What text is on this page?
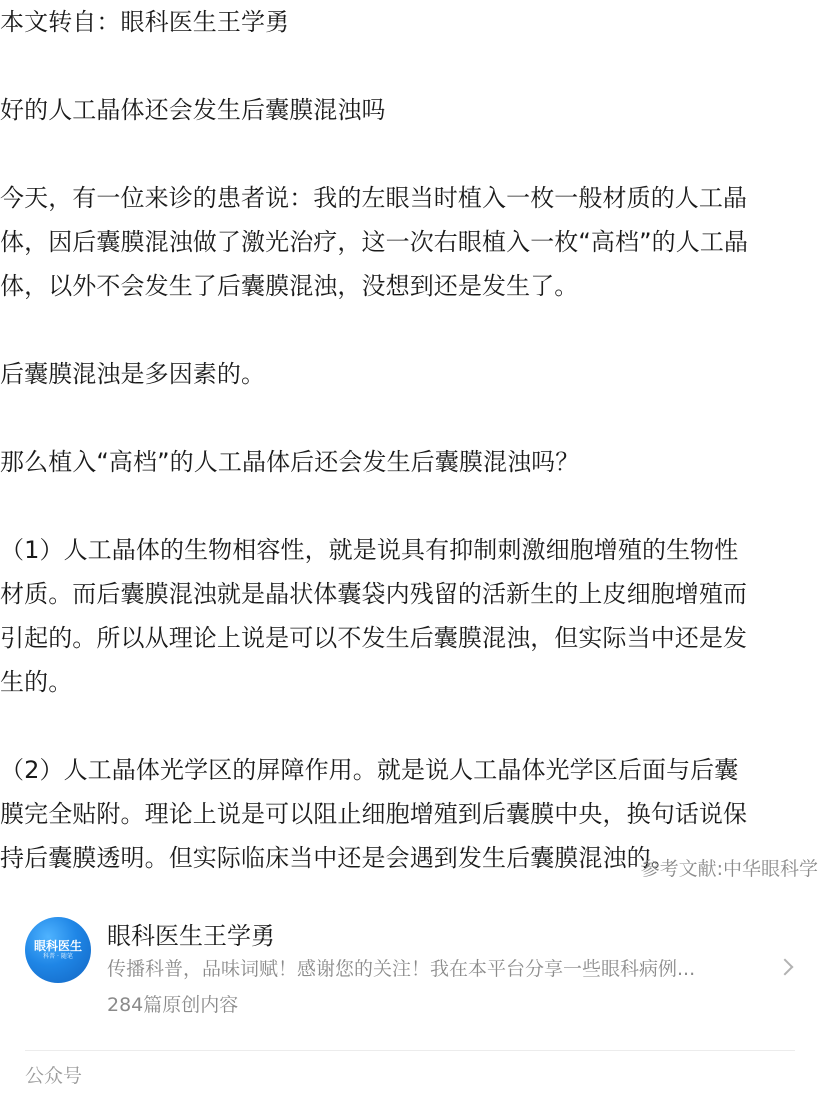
本文转自：眼科医生王学勇

好的人工晶体还会发生后囊膜混浊吗

今天，有一位来诊的患者说：我的左眼当时植入一枚一般材质的人工晶

体，因后囊膜混浊做了激光治疗，这一次右眼植入一枚“高档”的人工晶

体，以外不会发生了后囊膜混浊，没想到还是发生了。

后囊膜混浊是多因素的。

那么植入“高档”的人工晶体后还会发生后囊膜混浊吗？

（1）人工晶体的生物相容性，就是说具有抑制刺激细胞增殖的生物性

材质。而后囊膜混浊就是晶状体囊袋内残留的活新生的上皮细胞增殖而

引起的。所以从理论上说是可以不发生后囊膜混浊，但实际当中还是发

生的。

（2）人工晶体光学区的屏障作用。就是说人工晶体光学区后面与后囊

膜完全贴附。理论上说是可以阻止细胞增殖到后囊膜中央，换句话说保

持后囊膜透明。但实际临床当中还是会遇到发生后囊膜混浊的。

参考文献:中华眼科学
眼科医生
科普 · 随笔
眼科医生王学勇
传播科普，品味词赋！感谢您的关注！我在本平台分享一些眼科病例...
284篇原创内容
公众号
